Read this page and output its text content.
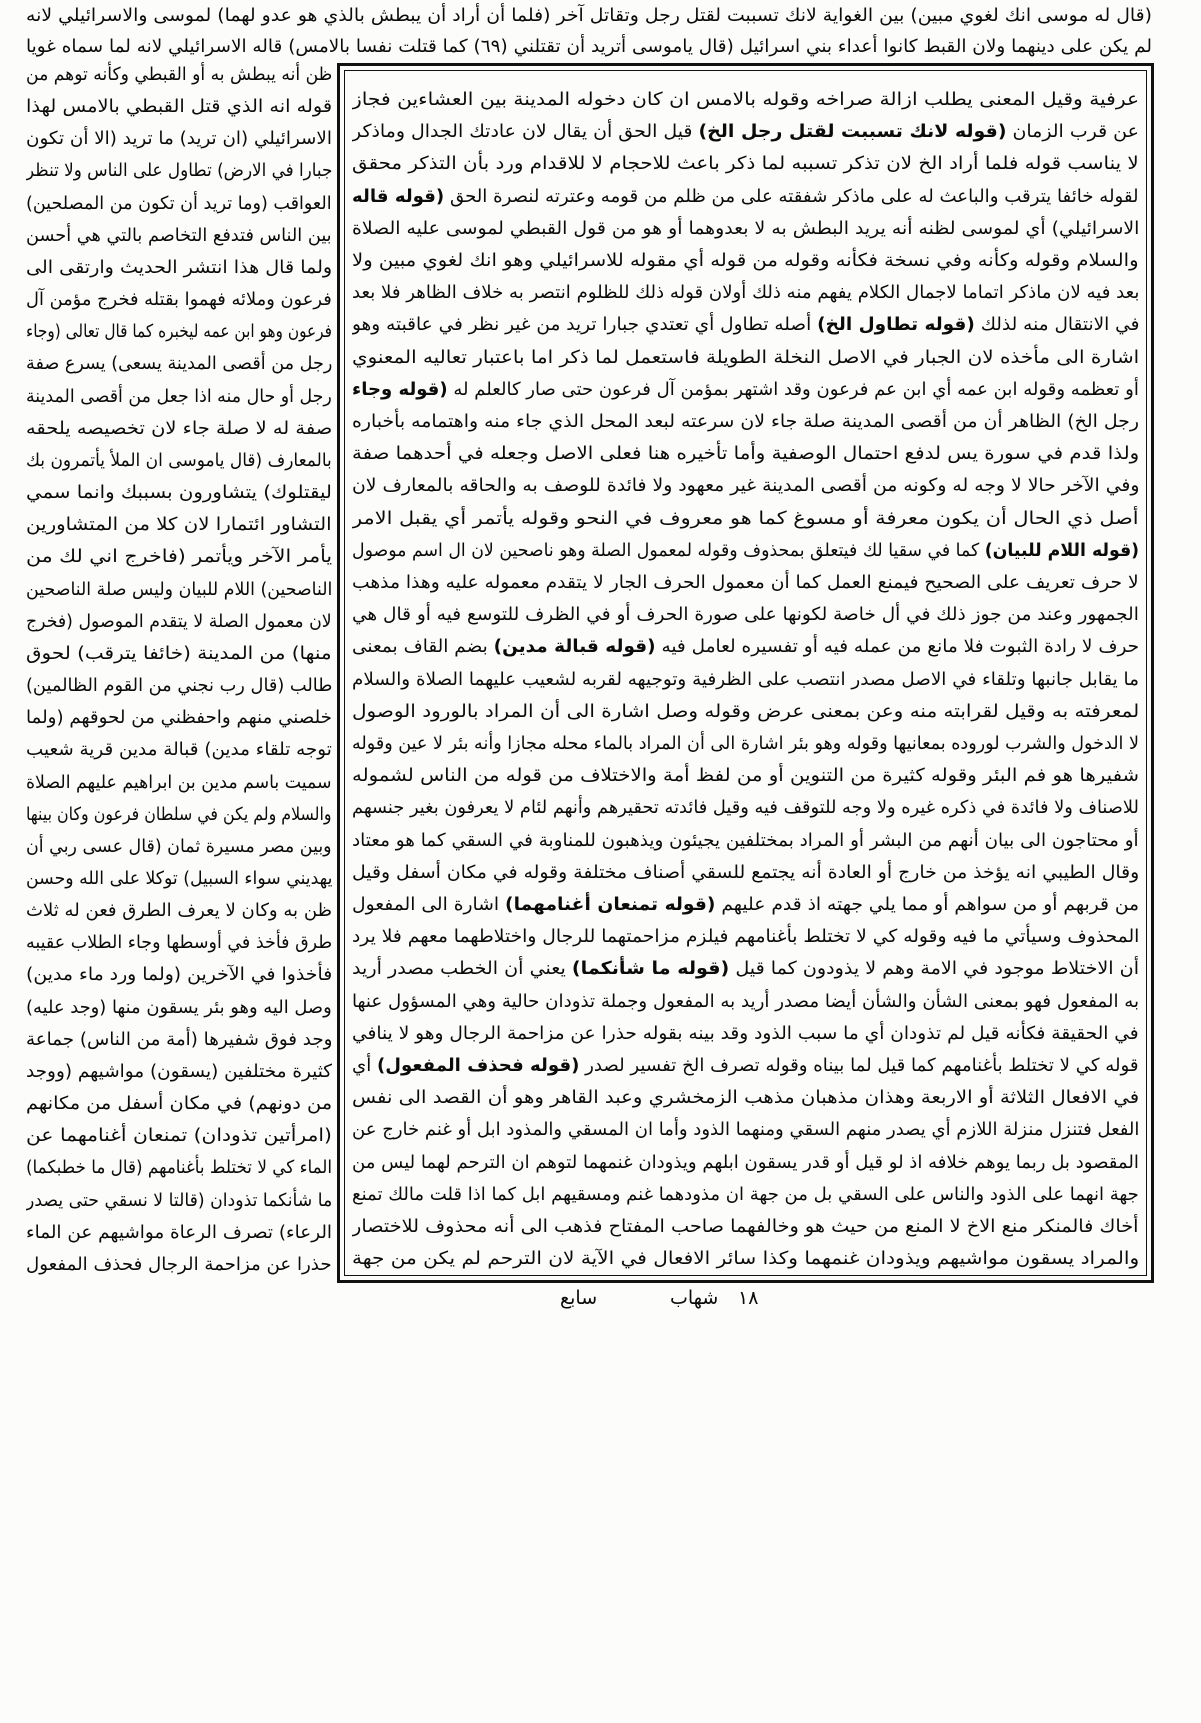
(قال له موسى انك لغوي مبين) بين الغواية لانك تسببت لقتل رجل وتقاتل آخر (فلما أن أراد أن يبطش بالذي هو عدو لهما) لموسى والاسرائيلي لانه
لم يكن على دينهما ولان القبط كانوا أعداء بني اسرائيل (قال ياموسى أتريد أن تقتلني (٦٩) كما قتلت نفسا بالامس) قاله الاسرائيلي لانه لما سماه غويا
ظن أنه يبطش به أو القبطي وكأنه توهم من
قوله انه الذي قتل القبطي بالامس لهذا
الاسرائيلي (ان تريد) ما تريد (الا أن تكون
جبارا في الارض) تطاول على الناس ولا تنظر
العواقب (وما تريد أن تكون من المصلحين)
بين الناس فتدفع التخاصم بالتي هي أحسن
ولما قال هذا انتشر الحديث وارتقى الى
فرعون وملائه فهموا بقتله فخرج مؤمن آل
فرعون وهو ابن عمه ليخبره كما قال تعالى (وجاء
رجل من أقصى المدينة يسعى) يسرع صفة
رجل أو حال منه اذا جعل من أقصى المدينة
صفة له لا صلة جاء لان تخصيصه يلحقه
بالمعارف (قال ياموسى ان الملأ يأتمرون بك
ليقتلوك) يتشاورون بسببك وانما سمي
التشاور ائتمارا لان كلا من المتشاورين
يأمر الآخر ويأتمر (فاخرج اني لك من
الناصحين) اللام للبيان وليس صلة الناصحين
لان معمول الصلة لا يتقدم الموصول (فخرج
منها) من المدينة (خائفا يترقب) لحوق
طالب (قال رب نجني من القوم الظالمين)
خلصني منهم واحفظني من لحوقهم (ولما
توجه تلقاء مدين) قبالة مدين قرية شعيب
سميت باسم مدين بن ابراهيم عليهم الصلاة
والسلام ولم يكن في سلطان فرعون وكان بينها
وبين مصر مسيرة ثمان (قال عسى ربي أن
يهديني سواء السبيل) توكلا على الله وحسن
ظن به وكان لا يعرف الطرق فعن له ثلاث
طرق فأخذ في أوسطها وجاء الطلاب عقيبه
فأخذوا في الآخرين (ولما ورد ماء مدين)
وصل اليه وهو بئر يسقون منها (وجد عليه)
وجد فوق شفيرها (أمة من الناس) جماعة
كثيرة مختلفين (يسقون) مواشيهم (ووجد
من دونهم) في مكان أسفل من مكانهم
(امرأتين تذودان) تمنعان أغنامهما عن
الماء كي لا تختلط بأغنامهم (قال ما خطبكما)
ما شأنكما تذودان (قالتا لا نسقي حتى يصدر
الرعاء) تصرف الرعاة مواشيهم عن الماء
حذرا عن مزاحمة الرجال فحذف المفعول
عرفية وقيل المعنى يطلب ازالة صراخه وقوله بالامس ان كان دخوله المدينة بين العشاءين فجاز
عن قرب الزمان (قوله لانك تسببت لقتل رجل الخ) قيل الحق أن يقال لان عادتك الجدال وماذكر
لا يناسب قوله فلما أراد الخ لان تذكر تسببه لما ذكر باعث للاحجام لا للاقدام ورد بأن التذكر محقق
لقوله خائفا يترقب والباعث له على ماذكر شفقته على من ظلم من قومه وعترته لنصرة الحق (قوله قاله
الاسرائيلي) أي لموسى لظنه أنه يريد البطش به لا بعدوهما أو هو من قول القبطي لموسى عليه الصلاة
والسلام وقوله وكأنه وفي نسخة فكأنه وقوله من قوله أي مقوله للاسرائيلي وهو انك لغوي مبين ولا
بعد فيه لان ماذكر اتماما لاجمال الكلام يفهم منه ذلك أولان قوله ذلك للظلوم انتصر به خلاف الظاهر فلا بعد
في الانتقال منه لذلك (قوله تطاول الخ) أصله تطاول أي تعتدي جبارا تريد من غير نظر في عاقبته وهو
اشارة الى مأخذه لان الجبار في الاصل النخلة الطويلة فاستعمل لما ذكر اما باعتبار تعاليه المعنوي
أو تعظمه وقوله ابن عمه أي ابن عم فرعون وقد اشتهر بمؤمن آل فرعون حتى صار كالعلم له (قوله وجاء
رجل الخ) الظاهر أن من أقصى المدينة صلة جاء لان سرعته لبعد المحل الذي جاء منه واهتمامه بأخباره
ولذا قدم في سورة يس لدفع احتمال الوصفية وأما تأخيره هنا فعلى الاصل وجعله في أحدهما صفة
وفي الآخر حالا لا وجه له وكونه من أقصى المدينة غير معهود ولا فائدة للوصف به والحاقه بالمعارف لان
أصل ذي الحال أن يكون معرفة أو مسوغ كما هو معروف في النحو وقوله يأتمر أي يقبل الامر
(قوله اللام للبيان) كما في سقيا لك فيتعلق بمحذوف وقوله لمعمول الصلة وهو ناصحين لان ال اسم موصول
لا حرف تعريف على الصحيح فيمنع العمل كما أن معمول الحرف الجار لا يتقدم معموله عليه وهذا مذهب
الجمهور وعند من جوز ذلك في أل خاصة لكونها على صورة الحرف أو في الظرف للتوسع فيه أو قال هي
حرف لا رادة الثبوت فلا مانع من عمله فيه أو تفسيره لعامل فيه (قوله قبالة مدين) بضم القاف بمعنى
ما يقابل جانبها وتلقاء في الاصل مصدر انتصب على الظرفية وتوجيهه لقربه لشعيب عليهما الصلاة والسلام
لمعرفته به وقيل لقرابته منه وعن بمعنى عرض وقوله وصل اشارة الى أن المراد بالورود الوصول
لا الدخول والشرب لوروده بمعانيها وقوله وهو بئر اشارة الى أن المراد بالماء محله مجازا وأنه بئر لا عين وقوله
شفيرها هو فم البئر وقوله كثيرة من التنوين أو من لفظ أمة والاختلاف من قوله من الناس لشموله
للاصناف ولا فائدة في ذكره غيره ولا وجه للتوقف فيه وقيل فائدته تحقيرهم وأنهم لئام لا يعرفون بغير جنسهم
أو محتاجون الى بيان أنهم من البشر أو المراد بمختلفين يجيئون ويذهبون للمناوبة في السقي كما هو معتاد
وقال الطيبي انه يؤخذ من خارج أو العادة أنه يجتمع للسقي أصناف مختلفة وقوله في مكان أسفل وقيل
من قربهم أو من سواهم أو مما يلي جهته اذ قدم عليهم (قوله تمنعان أغنامهما) اشارة الى المفعول
المحذوف وسيأتي ما فيه وقوله كي لا تختلط بأغنامهم فيلزم مزاحمتهما للرجال واختلاطهما معهم فلا يرد
أن الاختلاط موجود في الامة وهم لا يذودون كما قيل (قوله ما شأنكما) يعني أن الخطب مصدر أريد
به المفعول فهو بمعنى الشأن والشأن أيضا مصدر أريد به المفعول وجملة تذودان حالية وهي المسؤول عنها
في الحقيقة فكأنه قيل لم تذودان أي ما سبب الذود وقد بينه بقوله حذرا عن مزاحمة الرجال وهو لا ينافي
قوله كي لا تختلط بأغنامهم كما قيل لما بيناه وقوله تصرف الخ تفسير لصدر (قوله فحذف المفعول) أي
في الافعال الثلاثة أو الاربعة وهذان مذهبان مذهب الزمخشري وعبد القاهر وهو أن القصد الى نفس
الفعل فتنزل منزلة اللازم أي يصدر منهم السقي ومنهما الذود وأما ان المسقي والمذود ابل أو غنم خارج عن
المقصود بل ربما يوهم خلافه اذ لو قيل أو قدر يسقون ابلهم ويذودان غنمهما لتوهم ان الترحم لهما ليس من
جهة انهما على الذود والناس على السقي بل من جهة ان مذودهما غنم ومسقيهم ابل كما اذا قلت مالك تمنع
أخاك فالمنكر منع الاخ لا المنع من حيث هو وخالفهما صاحب المفتاح فذهب الى أنه محذوف للاختصار
والمراد يسقون مواشيهم ويذودان غنمهما وكذا سائر الافعال في الآية لان الترحم لم يكن من جهة
١٨
شهاب
سابع
